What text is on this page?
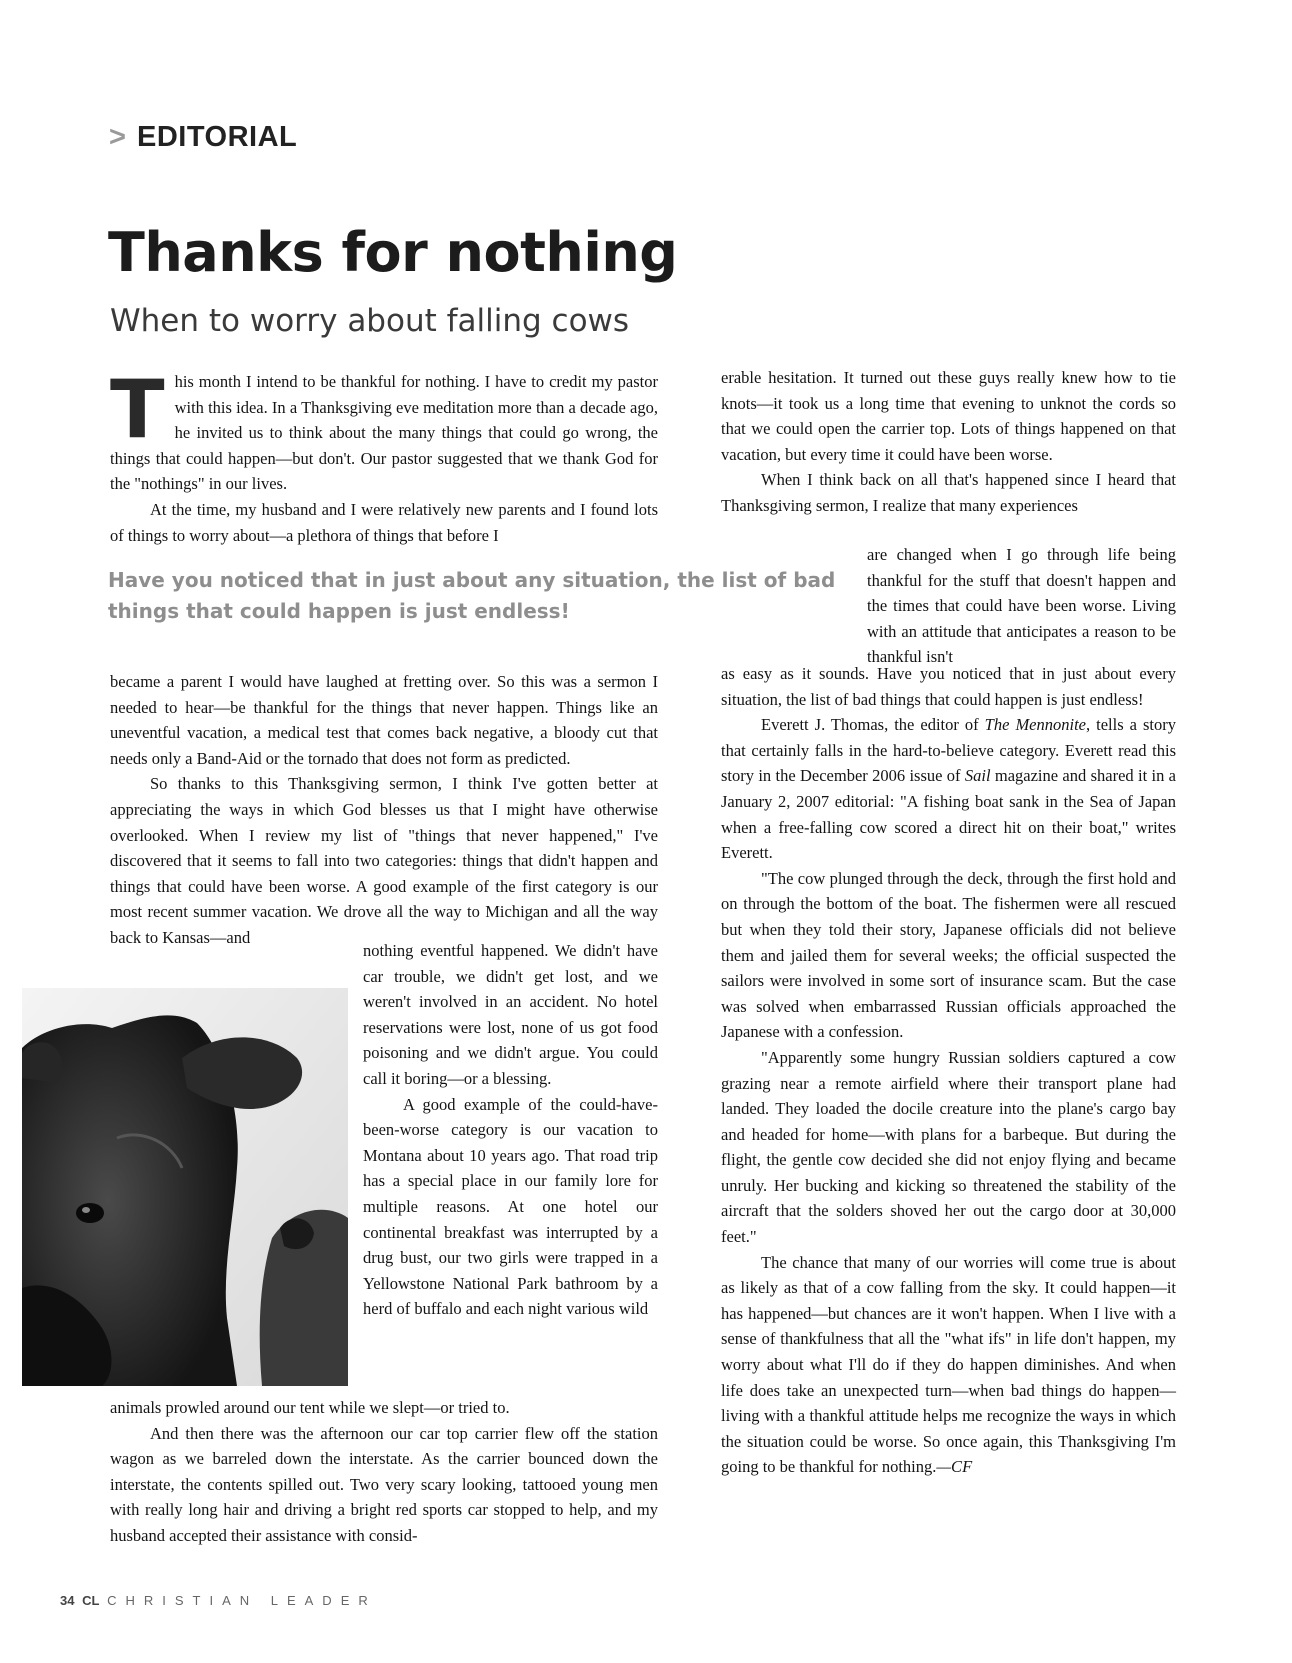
> EDITORIAL
Thanks for nothing
When to worry about falling cows

This month I intend to be thankful for nothing. I have to credit my pastor with this idea. In a Thanksgiving eve meditation more than a decade ago, he invited us to think about the many things that could go wrong, the things that could happen—but don't. Our pastor suggested that we thank God for the "nothings" in our lives.

At the time, my husband and I were relatively new parents and I found lots of things to worry about—a plethora of things that before I

Have you noticed that in just about any situation, the list of bad things that could happen is just endless!

became a parent I would have laughed at fretting over. So this was a sermon I needed to hear—be thankful for the things that never happen. Things like an uneventful vacation, a medical test that comes back negative, a bloody cut that needs only a Band-Aid or the tornado that does not form as predicted.

So thanks to this Thanksgiving sermon, I think I've gotten better at appreciating the ways in which God blesses us that I might have otherwise overlooked. When I review my list of "things that never happened," I've discovered that it seems to fall into two categories: things that didn't happen and things that could have been worse. A good example of the first category is our most recent summer vacation. We drove all the way to Michigan and all the way back to Kansas—and

nothing eventful happened. We didn't have car trouble, we didn't get lost, and we weren't involved in an accident. No hotel reservations were lost, none of us got food poisoning and we didn't argue. You could call it boring—or a blessing.

A good example of the could-have-been-worse category is our vacation to Montana about 10 years ago. That road trip has a special place in our family lore for multiple reasons. At one hotel our continental breakfast was interrupted by a drug bust, our two girls were trapped in a Yellowstone National Park bathroom by a herd of buffalo and each night various wild

animals prowled around our tent while we slept—or tried to.

And then there was the afternoon our car top carrier flew off the station wagon as we barreled down the interstate. As the carrier bounced down the interstate, the contents spilled out. Two very scary looking, tattooed young men with really long hair and driving a bright red sports car stopped to help, and my husband accepted their assistance with consid-

erable hesitation. It turned out these guys really knew how to tie knots—it took us a long time that evening to unknot the cords so that we could open the carrier top. Lots of things happened on that vacation, but every time it could have been worse.

When I think back on all that's happened since I heard that Thanksgiving sermon, I realize that many experiences

are changed when I go through life being thankful for the stuff that doesn't happen and the times that could have been worse. Living with an attitude that anticipates a reason to be thankful isn't

as easy as it sounds. Have you noticed that in just about every situation, the list of bad things that could happen is just endless!

Everett J. Thomas, the editor of The Mennonite, tells a story that certainly falls in the hard-to-believe category. Everett read this story in the December 2006 issue of Sail magazine and shared it in a January 2, 2007 editorial: "A fishing boat sank in the Sea of Japan when a free-falling cow scored a direct hit on their boat," writes Everett.

"The cow plunged through the deck, through the first hold and on through the bottom of the boat. The fishermen were all rescued but when they told their story, Japanese officials did not believe them and jailed them for several weeks; the official suspected the sailors were involved in some sort of insurance scam. But the case was solved when embarrassed Russian officials approached the Japanese with a confession.

"Apparently some hungry Russian soldiers captured a cow grazing near a remote airfield where their transport plane had landed. They loaded the docile creature into the plane's cargo bay and headed for home—with plans for a barbeque. But during the flight, the gentle cow decided she did not enjoy flying and became unruly. Her bucking and kicking so threatened the stability of the aircraft that the solders shoved her out the cargo door at 30,000 feet."

The chance that many of our worries will come true is about as likely as that of a cow falling from the sky. It could happen—it has happened—but chances are it won't happen. When I live with a sense of thankfulness that all the "what ifs" in life don't happen, my worry about what I'll do if they do happen diminishes. And when life does take an unexpected turn—when bad things do happen—living with a thankful attitude helps me recognize the ways in which the situation could be worse. So once again, this Thanksgiving I'm going to be thankful for nothing.—CF

34 CL CHRISTIAN LEADER
